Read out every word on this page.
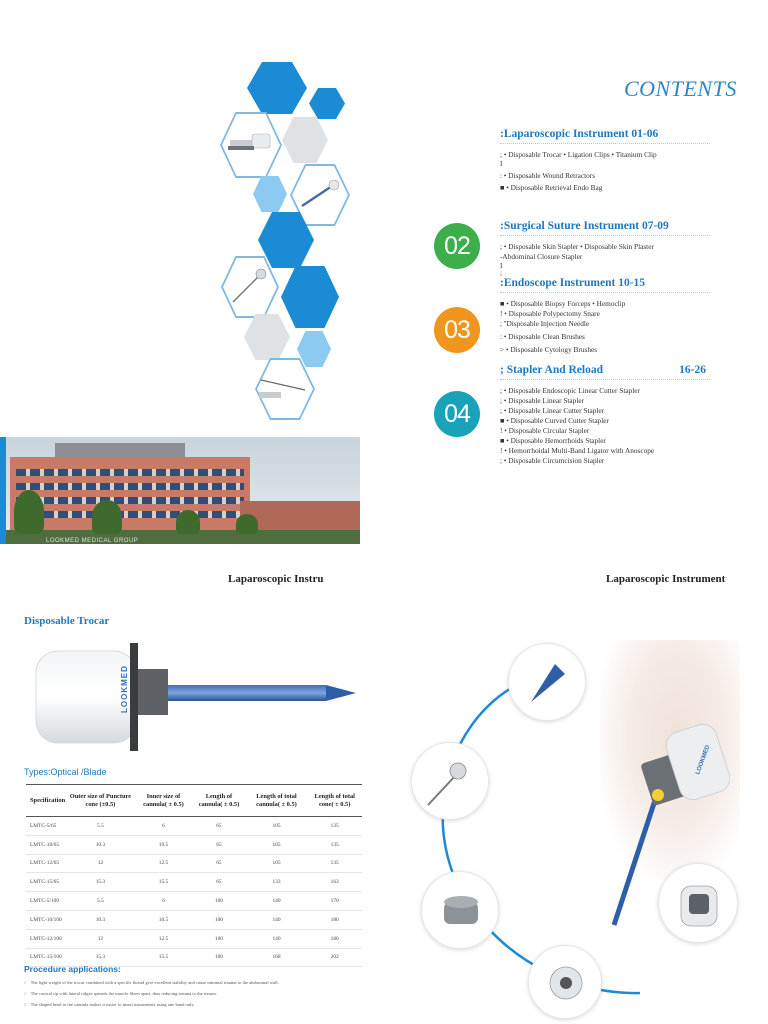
CONTENTS
02
03
04
:Laparoscopic Instrument 01-06
; • Disposable Trocar • Ligation Clips • Titanium Clip
I
: • Disposable Wound Retractors
■ • Disposable Retrieval Endo Bag
:Surgical Suture Instrument 07-09
; • Disposable Skin Stapler • Disposable Skin Plaster
-Abdominal Closure Stapler
I
;
:Endoscope Instrument 10-15
■ • Disposable Biopsy Forceps • Hemoclip
! • Disposable Polypectomy Snare
; ''Disposable Injection Needle
: • Disposable Clean Brushes
> • Disposable Cytology Brushes
; Stapler And Reload	16-26
; • Disposable Endoscopic Linear Cutter Stapler
; • Disposable Linear Stapler
; • Disposable Linear Cutter Stapler
■ • Disposable Curved Cutter Stapler
! • Disposable Circular Stapler
■ • Disposable Hemorrhoids Stapler
! • Hemorrhoidal Multi-Band Ligator with Anoscope
; • Disposable Circumcision Stapler
LOOKMED MEDICAL GROUP
Laparoscopic Instru	Laparoscopic Instrument
Disposable Trocar
LOOKMED
Types:Optical /Blade
Specification	Outer size of Puncture cone (±0.5)	Inner size of cannula( ± 0.5)	Length of cannula( ± 0.5)	Length of total cannula( ± 0.5)	Length of total cone( ± 0.5)
LMTC-5/65	5.5	6	65	105	135
LMTC-10/65	10.3	10.5	65	105	135
LMTC-12/65	12	12.5	65	105	135
LMTC-15/65	15.3	15.5	65	133	163
LMTC-5/100	5.5	6	100	140	170
LMTC-10/100	10.3	10.5	100	140	180
LMTC-12/100	12	12.5	100	140	180
LMTC-15/100	15.3	15.5	100	168	202
Procedure applications:
// The light weight of the trocar combined with a specific thread give excellent stability and cause minimal trauma to the abdominal wall.
// The conical tip with lateral ridges spreads the muscle fibres apart, thus reducing trauma to the tissues.
// The shaped head to the cannula makes it easier to insert instruments using one hand only.
LOOKMED
